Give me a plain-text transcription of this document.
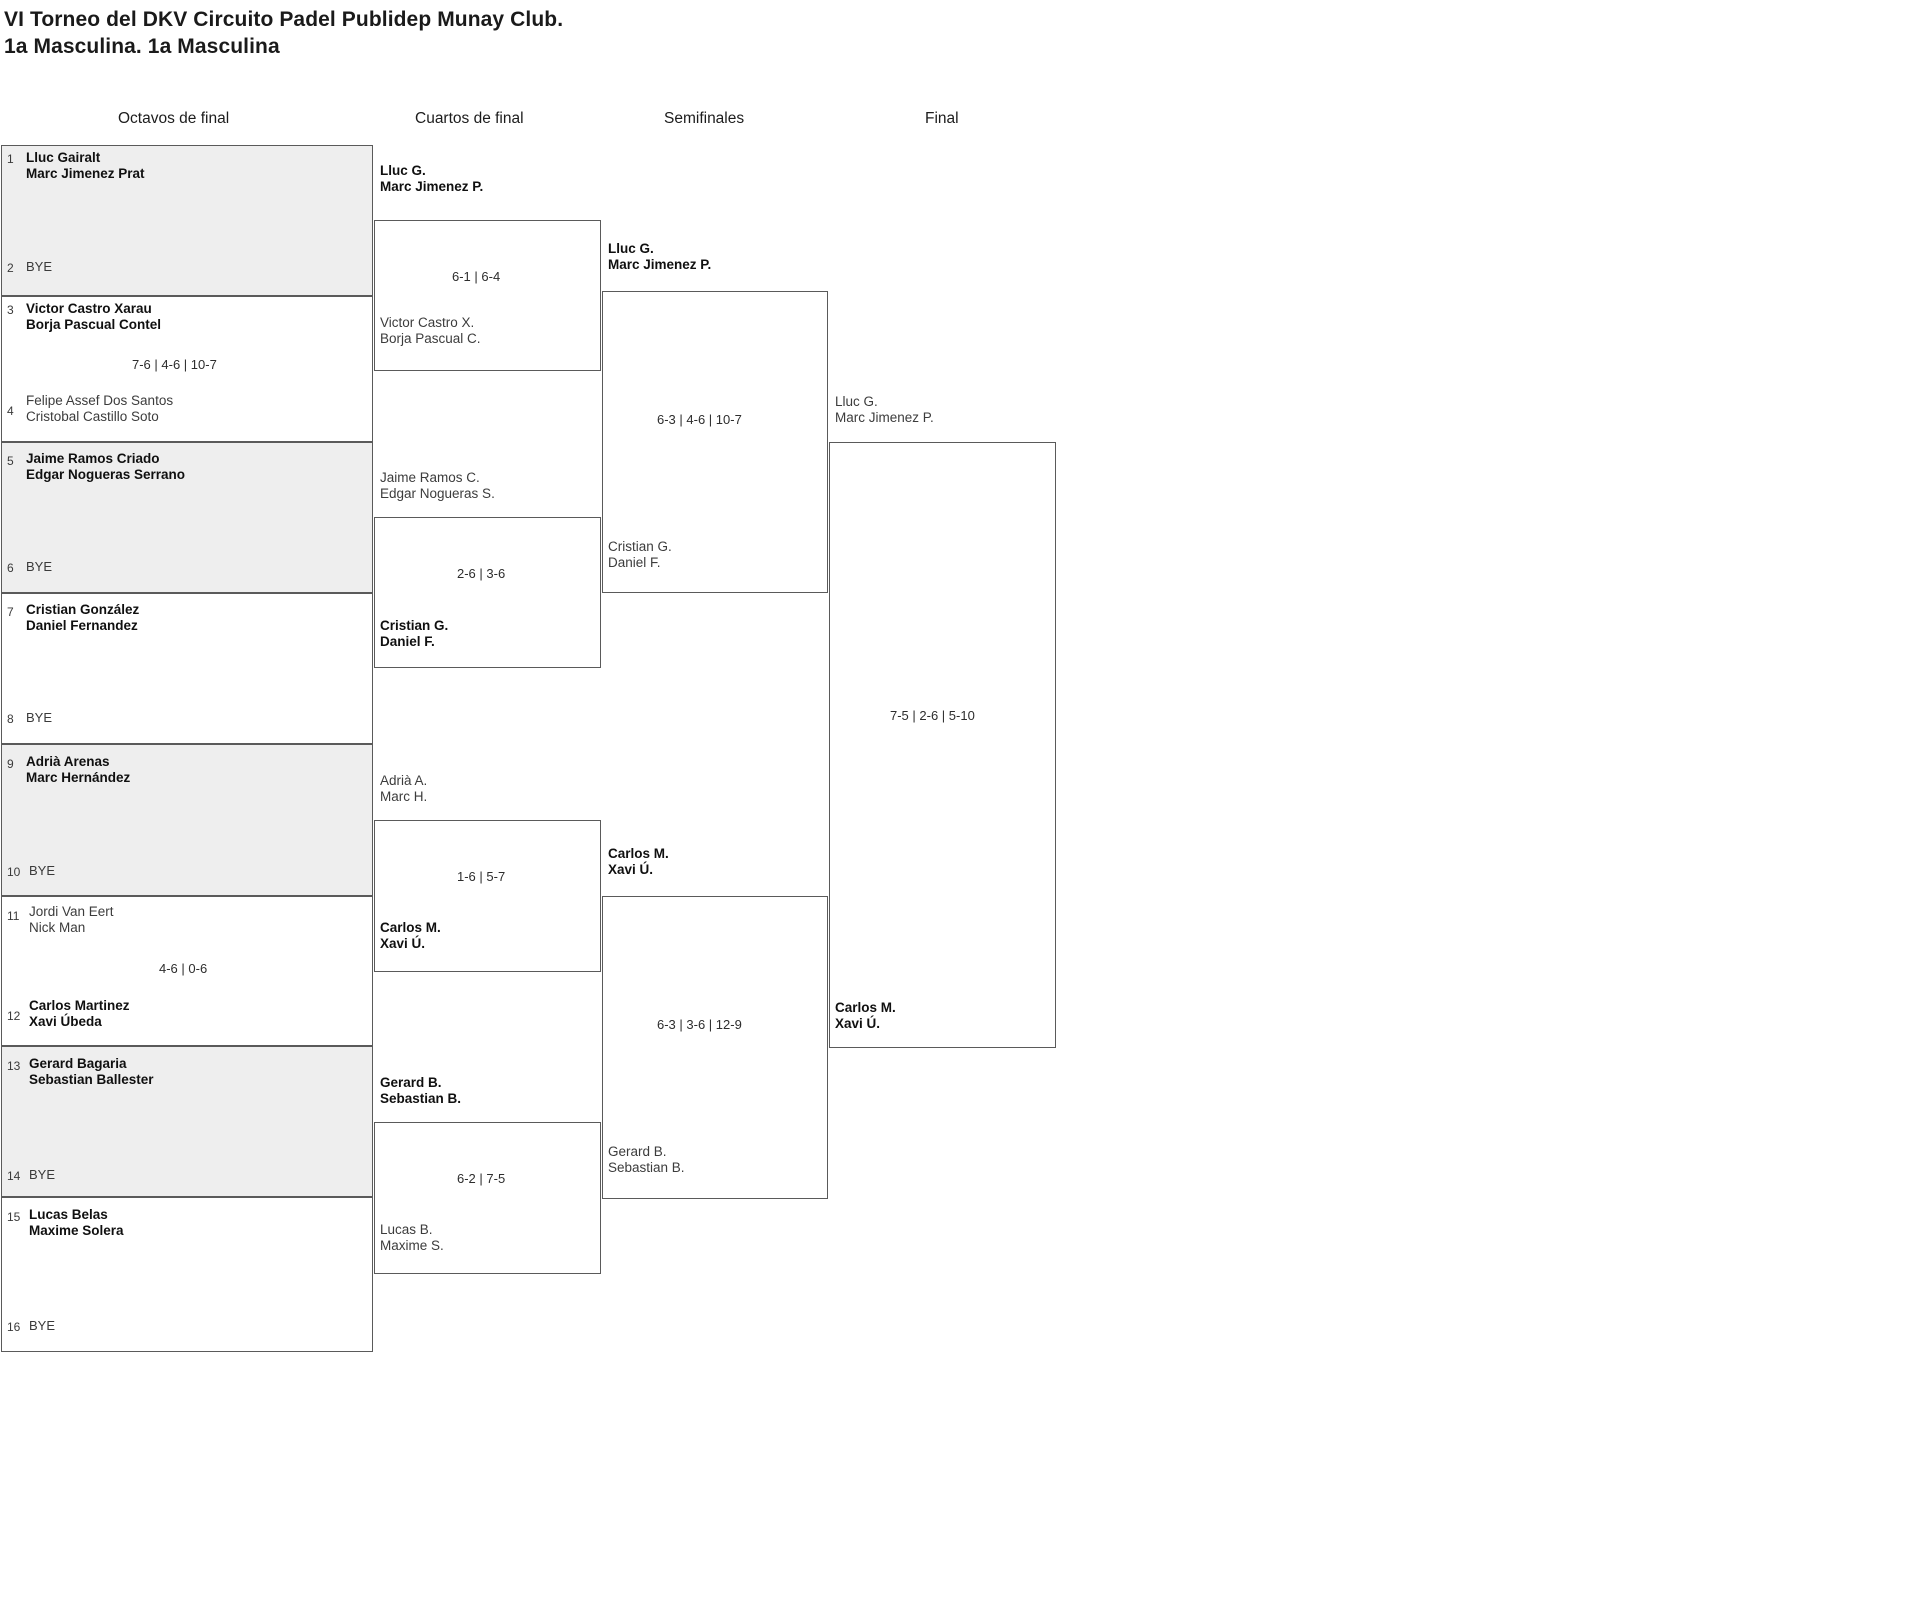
VI Torneo del DKV Circuito Padel Publidep Munay Club.
1a Masculina. 1a Masculina
Octavos de final	Cuartos de final	Semifinales	Final
1 Lluc Gairalt
Marc Jimenez Prat
2 BYE
3 Victor Castro Xarau
Borja Pascual Contel
7-6 | 4-6 | 10-7
4
Felipe Assef Dos Santos
Cristobal Castillo Soto
5 Jaime Ramos Criado
Edgar Nogueras Serrano
6 BYE
7 Cristian González
Daniel Fernandez
8 BYE
9 Adrià Arenas
Marc Hernández
10 BYE
11 Jordi Van Eert
Nick Man
4-6 | 0-6
12
Carlos Martinez
Xavi Úbeda
13 Gerard Bagaria
Sebastian Ballester
14 BYE
15 Lucas Belas
Maxime Solera
16 BYE
Lluc G.
Marc Jimenez P.
6-1 | 6-4
Victor Castro X.
Borja Pascual C.
Jaime Ramos C.
Edgar Nogueras S.
2-6 | 3-6
Cristian G.
Daniel F.
Adrià A.
Marc H.
1-6 | 5-7
Carlos M.
Xavi Ú.
Gerard B.
Sebastian B.
6-2 | 7-5
Lucas B.
Maxime S.
Lluc G.
Marc Jimenez P.
6-3 | 4-6 | 10-7
Cristian G.
Daniel F.
Carlos M.
Xavi Ú.
6-3 | 3-6 | 12-9
Gerard B.
Sebastian B.
Lluc G.
Marc Jimenez P.
7-5 | 2-6 | 5-10
Carlos M.
Xavi Ú.
